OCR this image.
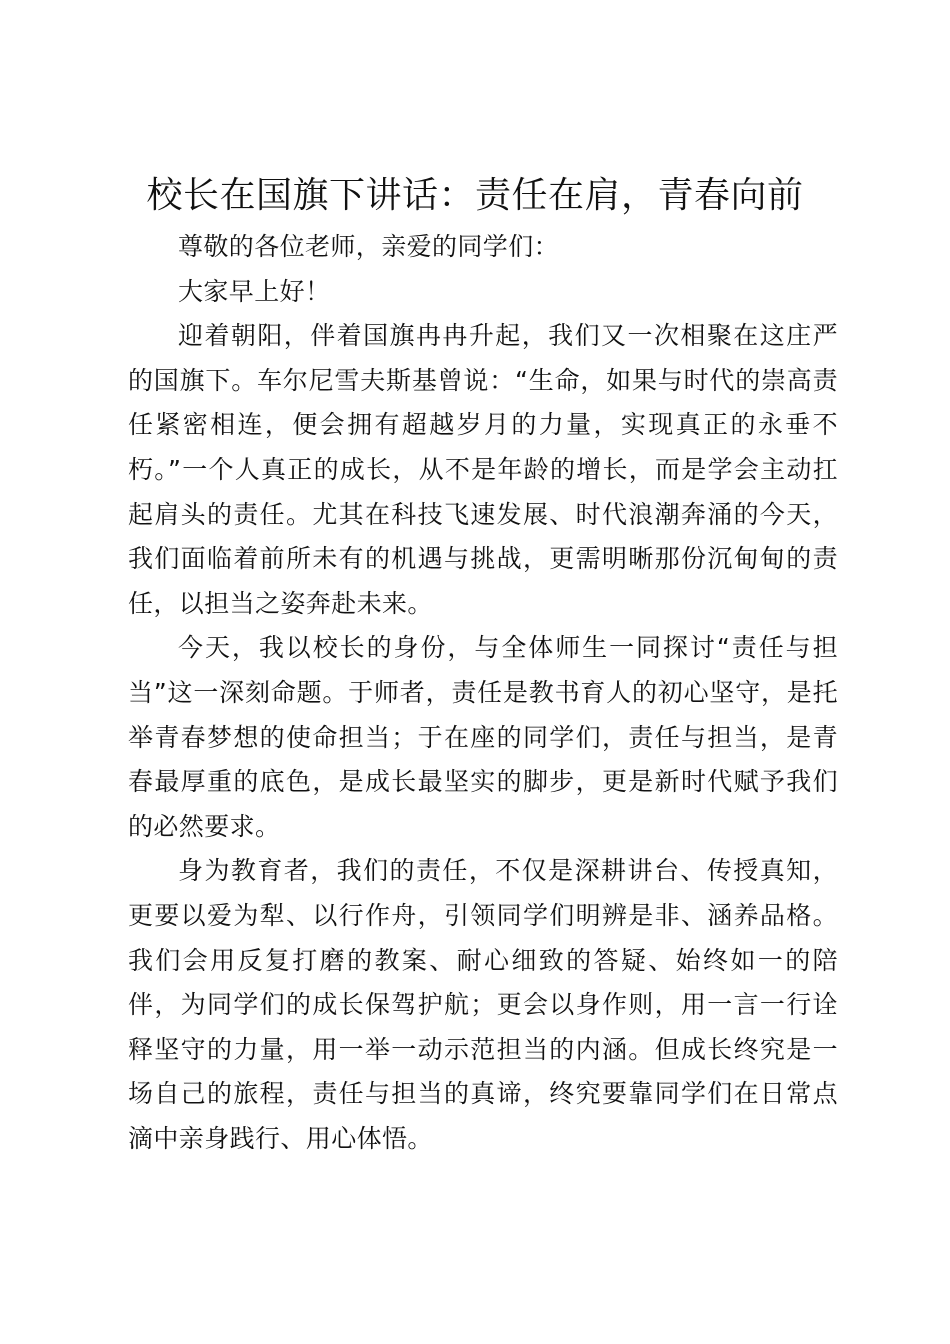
校长在国旗下讲话：责任在肩，青春向前

尊敬的各位老师，亲爱的同学们：

大家早上好！

迎着朝阳，伴着国旗冉冉升起，我们又一次相聚在这庄严的国旗下。车尔尼雪夫斯基曾说：“生命，如果与时代的崇高责任紧密相连，便会拥有超越岁月的力量，实现真正的永垂不朽。”一个人真正的成长，从不是年龄的增长，而是学会主动扛起肩头的责任。尤其在科技飞速发展、时代浪潮奔涌的今天，我们面临着前所未有的机遇与挑战，更需明晰那份沉甸甸的责任，以担当之姿奔赴未来。

今天，我以校长的身份，与全体师生一同探讨“责任与担当”这一深刻命题。于师者，责任是教书育人的初心坚守，是托举青春梦想的使命担当；于在座的同学们，责任与担当，是青春最厚重的底色，是成长最坚实的脚步，更是新时代赋予我们的必然要求。

身为教育者，我们的责任，不仅是深耕讲台、传授真知，更要以爱为犁、以行作舟，引领同学们明辨是非、涵养品格。我们会用反复打磨的教案、耐心细致的答疑、始终如一的陪伴，为同学们的成长保驾护航；更会以身作则，用一言一行诠释坚守的力量，用一举一动示范担当的内涵。但成长终究是一场自己的旅程，责任与担当的真谛，终究要靠同学们在日常点滴中亲身践行、用心体悟。
